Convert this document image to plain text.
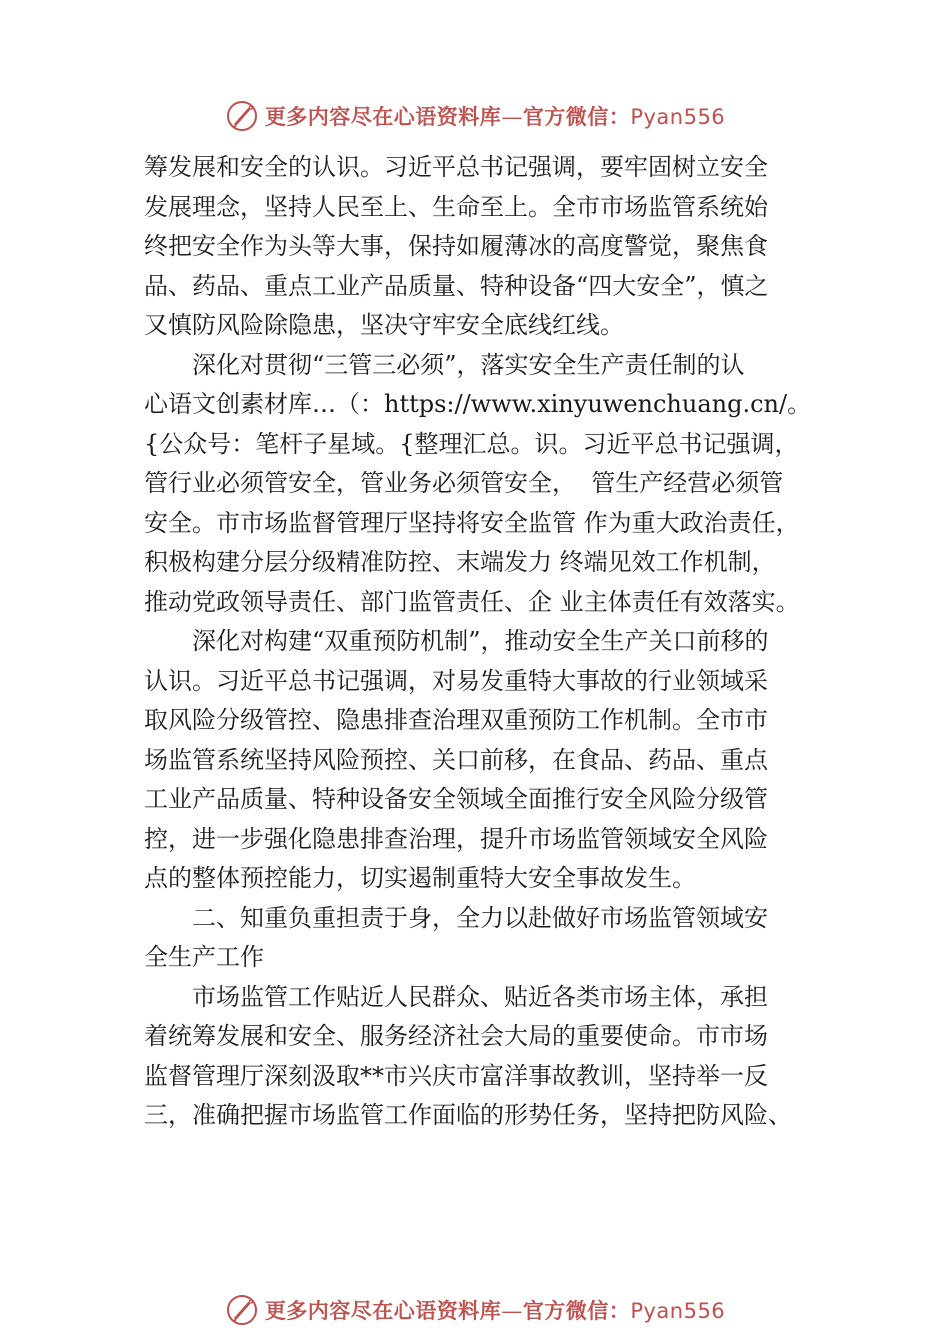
更多内容尽在心语资料库—官方微信：Pyan556
筹发展和安全的认识。习近平总书记强调，要牢固树立安全
发展理念，坚持人民至上、生命至上。全市市场监管系统始
终把安全作为头等大事，保持如履薄冰的高度警觉，聚焦食
品、药品、重点工业产品质量、特种设备“四大安全”，慎之
又慎防风险除隐患，坚决守牢安全底线红线。
深化对贯彻“三管三必须”，落实安全生产责任制的认
心语文创素材库…（：https://www.xinyuwenchuang.cn/。
{公众号：笔杆子星域。{整理汇总。识。习近平总书记强调，
管行业必须管安全，管业务必须管安全，  管生产经营必须管
安全。市市场监督管理厅坚持将安全监管 作为重大政治责任，
积极构建分层分级精准防控、末端发力 终端见效工作机制，
推动党政领导责任、部门监管责任、企 业主体责任有效落实。
深化对构建“双重预防机制”，推动安全生产关口前移的
认识。习近平总书记强调，对易发重特大事故的行业领域采
取风险分级管控、隐患排查治理双重预防工作机制。全市市
场监管系统坚持风险预控、关口前移，在食品、药品、重点
工业产品质量、特种设备安全领域全面推行安全风险分级管
控，进一步强化隐患排查治理，提升市场监管领域安全风险
点的整体预控能力，切实遏制重特大安全事故发生。
二、知重负重担责于身，全力以赴做好市场监管领域安
全生产工作
市场监管工作贴近人民群众、贴近各类市场主体，承担
着统筹发展和安全、服务经济社会大局的重要使命。市市场
监督管理厅深刻汲取**市兴庆市富洋事故教训，坚持举一反
三，准确把握市场监管工作面临的形势任务，坚持把防风险、
更多内容尽在心语资料库—官方微信：Pyan556
